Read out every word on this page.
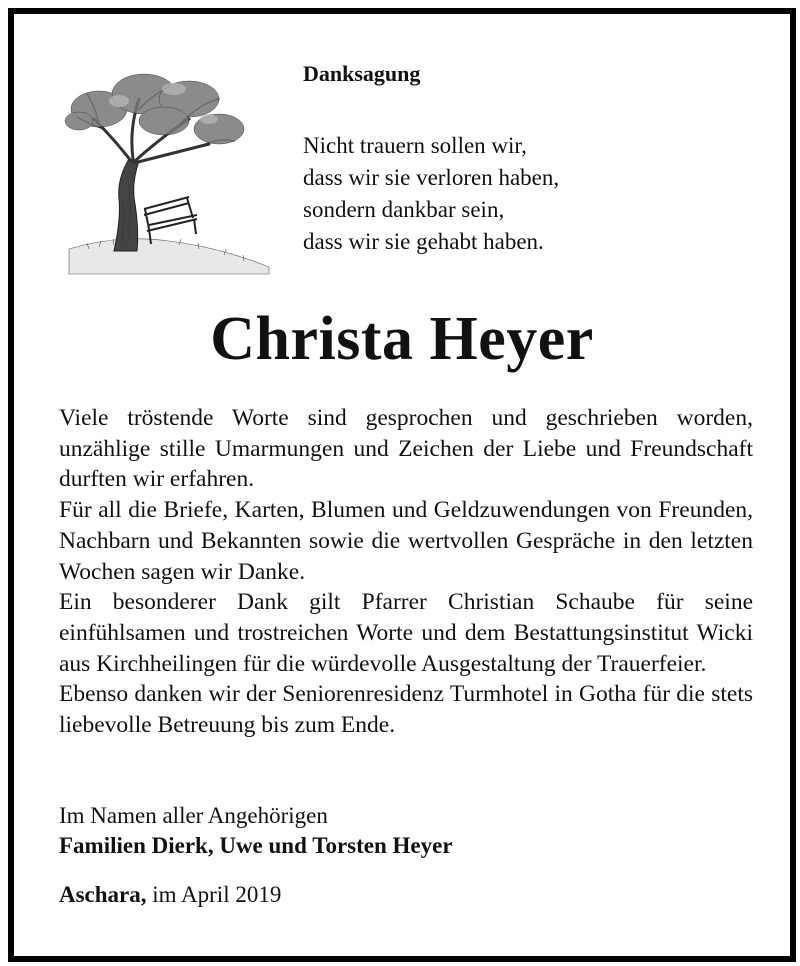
Danksagung
Nicht trauern sollen wir,
dass wir sie verloren haben,
sondern dankbar sein,
dass wir sie gehabt haben.
Christa Heyer
Viele tröstende Worte sind gesprochen und geschrieben worden, unzählige stille Umarmungen und Zeichen der Liebe und Freundschaft durften wir erfahren.
Für all die Briefe, Karten, Blumen und Geldzuwendungen von Freunden, Nachbarn und Bekannten sowie die wertvollen Gespräche in den letzten Wochen sagen wir Danke.
Ein besonderer Dank gilt Pfarrer Christian Schaube für seine einfühlsamen und trostreichen Worte und dem Bestattungsinstitut Wicki aus Kirchheilingen für die würdevolle Ausgestaltung der Trauerfeier.
Ebenso danken wir der Seniorenresidenz Turmhotel in Gotha für die stets liebevolle Betreuung bis zum Ende.
Im Namen aller Angehörigen
Familien Dierk, Uwe und Torsten Heyer
Aschara, im April 2019
